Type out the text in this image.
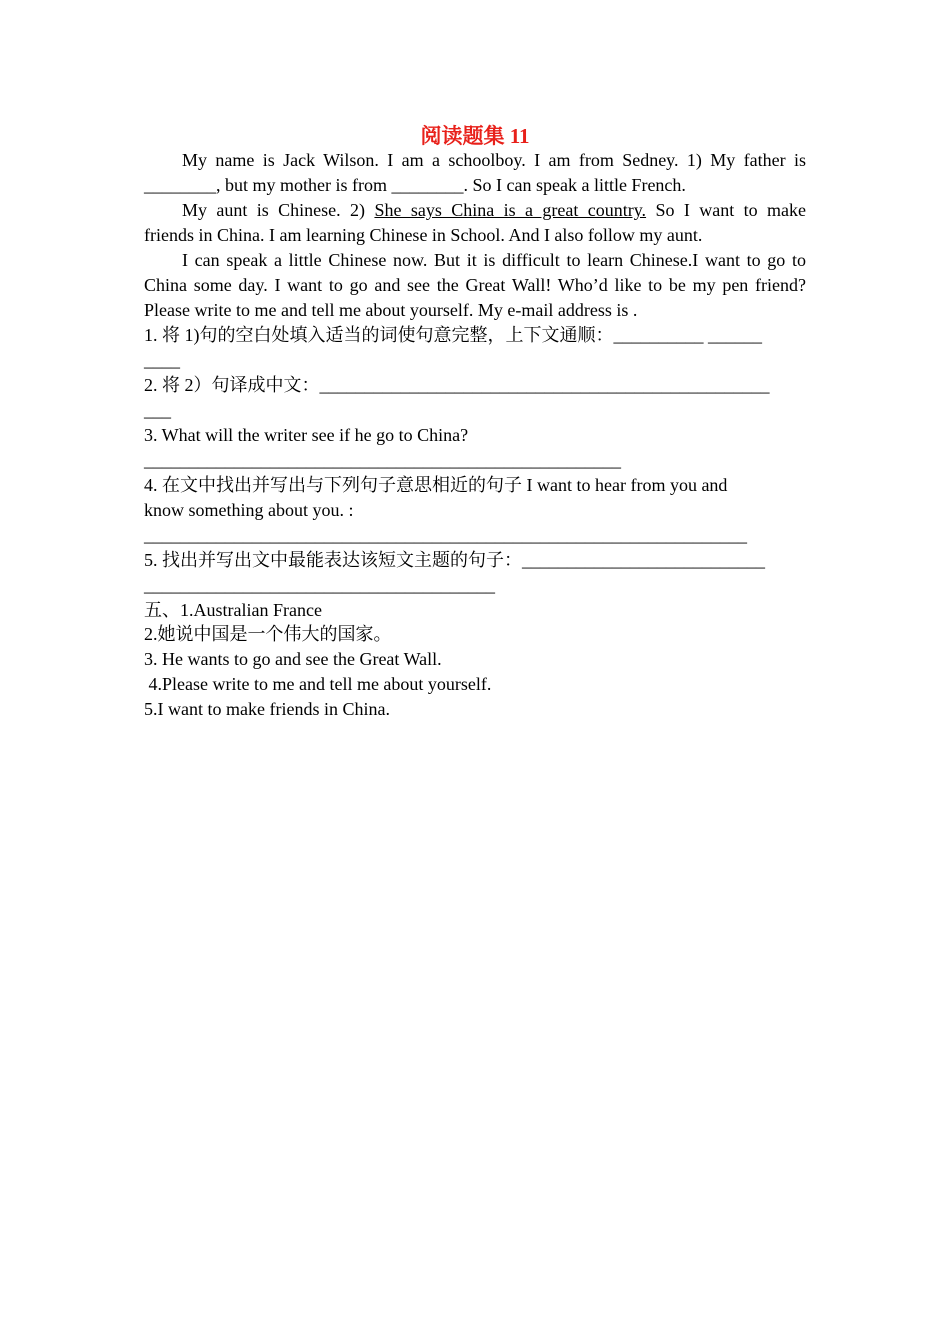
阅读题集 11
My name is Jack Wilson. I am a schoolboy. I am from Sedney. 1) My father is
________, but my mother is from ________. So I can speak a little French.
My aunt is Chinese. 2) She says China is a great country. So I want to make
friends in China. I am learning Chinese in School. And I also follow my aunt.
I can speak a little Chinese now. But it is difficult to learn Chinese.I want to go to
China some day. I want to go and see the Great Wall! Who’d like to be my pen friend?
Please write to me and tell me about yourself. My e-mail address is .
1. 将 1)句的空白处填入适当的词使句意完整，上下文通顺：__________ ______
____
2. 将 2）句译成中文：__________________________________________________
___
3. What will the writer see if he go to China?
_____________________________________________________
4. 在文中找出并写出与下列句子意思相近的句子 I want to hear from you and
know something about you. :
___________________________________________________________________
5. 找出并写出文中最能表达该短文主题的句子：___________________________
_______________________________________
五、1.Australian France
2.她说中国是一个伟大的国家。
3. He wants to go and see the Great Wall.
4.Please write to me and tell me about yourself.
5.I want to make friends in China.
